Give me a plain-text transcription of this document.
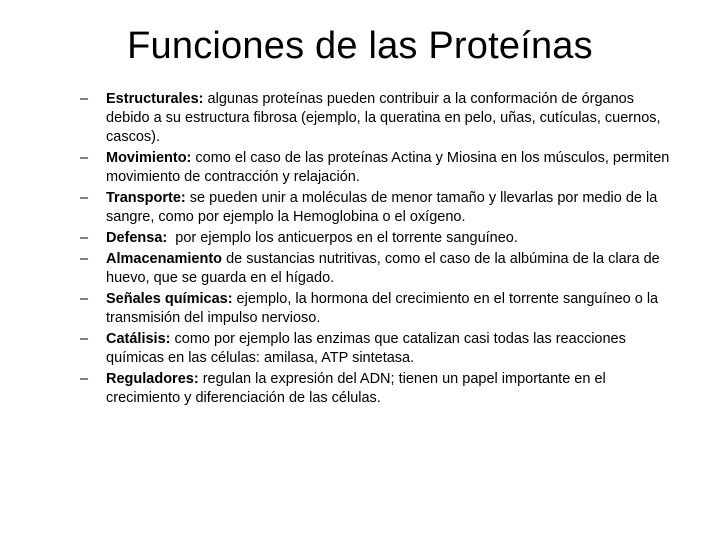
Funciones de las Proteínas
–	Estructurales: algunas proteínas pueden contribuir a la conformación de órganos debido a su estructura fibrosa (ejemplo, la queratina en pelo, uñas, cutículas, cuernos, cascos).
–	Movimiento: como el caso de las proteínas Actina y Miosina en los músculos, permiten movimiento de contracción y relajación.
–	Transporte: se pueden unir a moléculas de menor tamaño y llevarlas por medio de la sangre, como por ejemplo la Hemoglobina o el oxígeno.
–	Defensa:  por ejemplo los anticuerpos en el torrente sanguíneo.
–	Almacenamiento de sustancias nutritivas, como el caso de la albúmina de la clara de huevo, que se guarda en el hígado.
–	Señales químicas: ejemplo, la hormona del crecimiento en el torrente sanguíneo o la transmisión del impulso nervioso.
–	Catálisis: como por ejemplo las enzimas que catalizan casi todas las reacciones químicas en las células: amilasa, ATP sintetasa.
–	Reguladores: regulan la expresión del ADN; tienen un papel importante en el crecimiento y diferenciación de las células.
